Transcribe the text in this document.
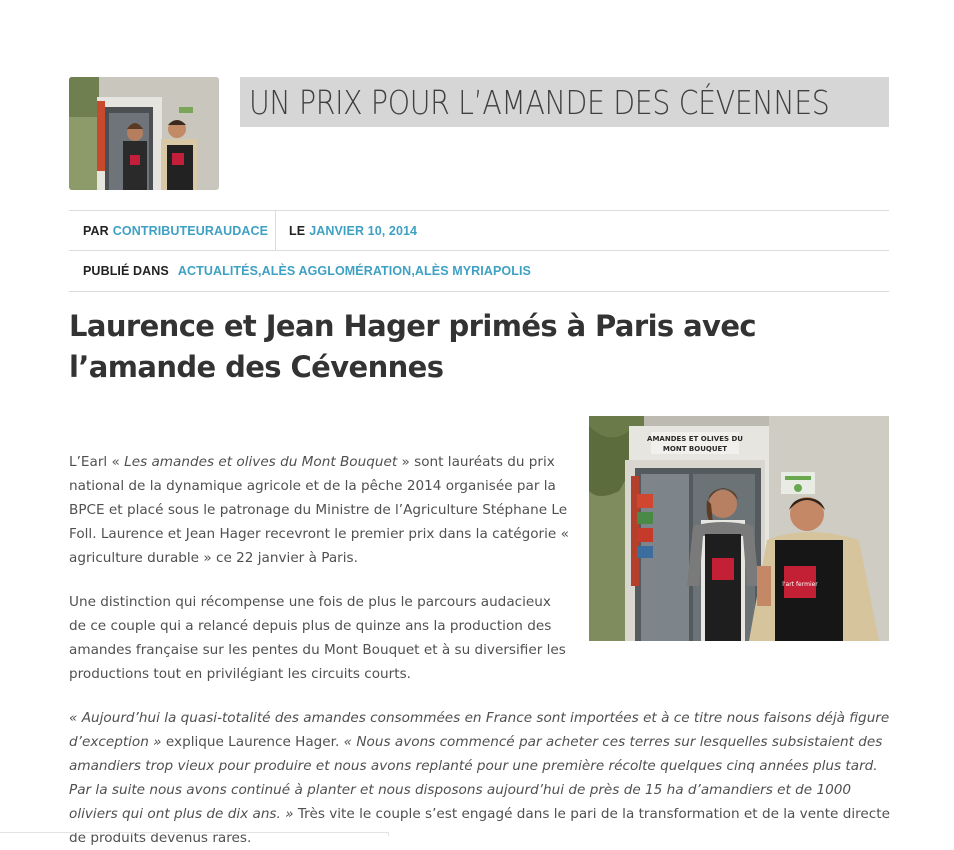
UN PRIX POUR L’AMANDE DES CÉVENNES
PAR CONTRIBUTEURAUDACE LE JANVIER 10, 2014
PUBLIÉ DANS ACTUALITÉS , ALÈS AGGLOMÉRATION , ALÈS MYRIAPOLIS
Laurence et Jean Hager primés à Paris avec l’amande des Cévennes
AMANDES ET OLIVES DU
MONT BOUQUET
l'art fermier

L’Earl « Les amandes et olives du Mont Bouquet » sont lauréats du prix national de la dynamique agricole et de la pêche 2014 organisée par la BPCE et placé sous le patronage du Ministre de l’Agriculture Stéphane Le Foll. Laurence et Jean Hager recevront le premier prix dans la catégorie « agriculture durable » ce 22 janvier à Paris.

Une distinction qui récompense une fois de plus le parcours audacieux de ce couple qui a relancé depuis plus de quinze ans la production des amandes française sur les pentes du Mont Bouquet et à su diversifier les productions tout en privilégiant les circuits courts.

« Aujourd’hui la quasi-totalité des amandes consommées en France sont importées et à ce titre nous faisons déjà figure d’exception » explique Laurence Hager. « Nous avons commencé par acheter ces terres sur lesquelles subsistaient des amandiers trop vieux pour produire et nous avons replanté pour une première récolte quelques cinq années plus tard. Par la suite nous avons continué à planter et nous disposons aujourd’hui de près de 15 ha d’amandiers et de 1000 oliviers qui ont plus de dix ans. » Très vite le couple s’est engagé dans le pari de la transformation et de la vente directe de produits devenus rares.
